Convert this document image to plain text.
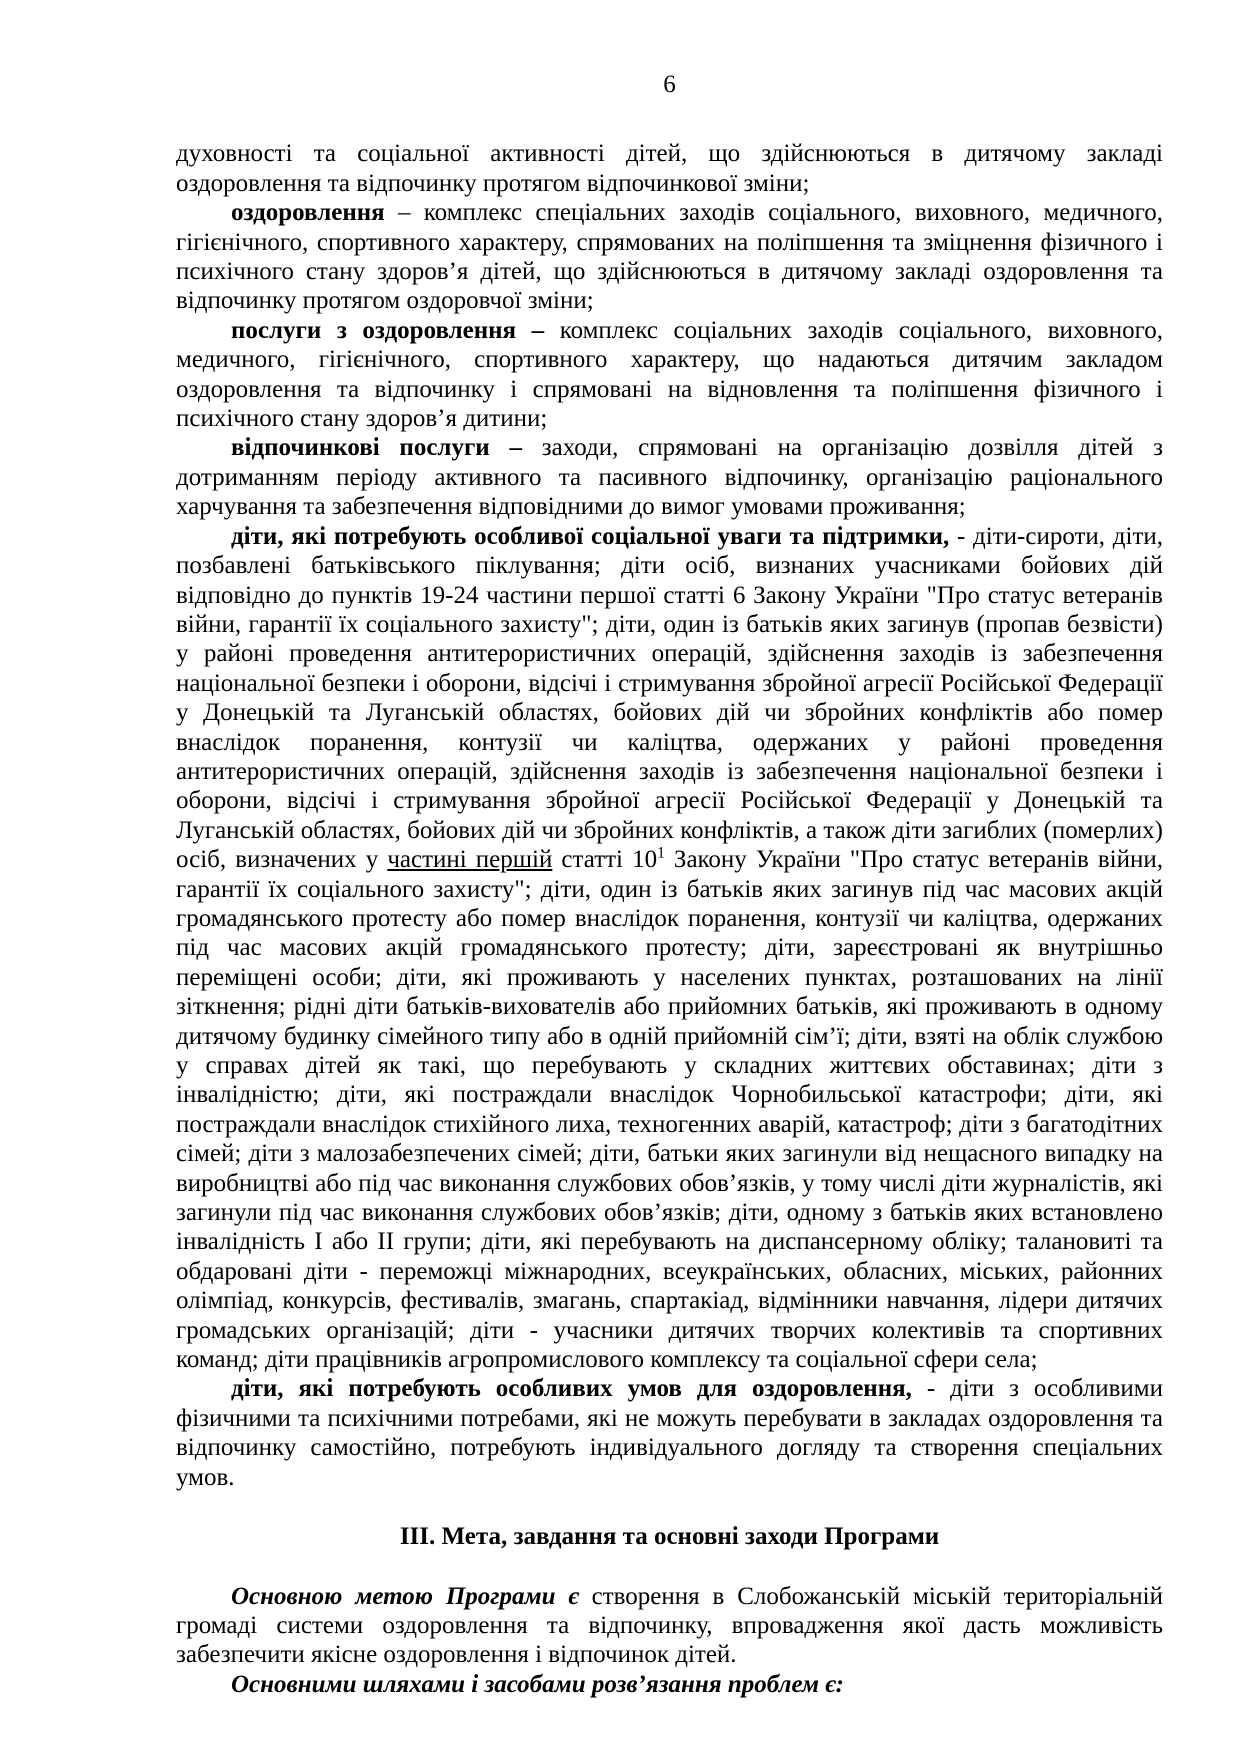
6

духовності та соціальної активності дітей, що здійснюються в дитячому закладі оздоровлення та відпочинку протягом відпочинкової зміни;

оздоровлення – комплекс спеціальних заходів соціального, виховного, медичного, гігієнічного, спортивного характеру, спрямованих на поліпшення та зміцнення фізичного і психічного стану здоров’я дітей, що здійснюються в дитячому закладі оздоровлення та відпочинку протягом оздоровчої зміни;

послуги з оздоровлення – комплекс соціальних заходів соціального, виховного, медичного, гігієнічного, спортивного характеру, що надаються дитячим закладом оздоровлення та відпочинку і спрямовані на відновлення та поліпшення фізичного і психічного стану здоров’я дитини;

відпочинкові послуги – заходи, спрямовані на організацію дозвілля дітей з дотриманням періоду активного та пасивного відпочинку, організацію раціонального харчування та забезпечення відповідними до вимог умовами проживання;

діти, які потребують особливої соціальної уваги та підтримки, - діти-сироти, діти, позбавлені батьківського піклування; діти осіб, визнаних учасниками бойових дій відповідно до пунктів 19-24 частини першої статті 6 Закону України "Про статус ветеранів війни, гарантії їх соціального захисту"; діти, один із батьків яких загинув (пропав безвісти) у районі проведення антитерористичних операцій, здійснення заходів із забезпечення національної безпеки і оборони, відсічі і стримування збройної агресії Російської Федерації у Донецькій та Луганській областях, бойових дій чи збройних конфліктів або помер внаслідок поранення, контузії чи каліцтва, одержаних у районі проведення антитерористичних операцій, здійснення заходів із забезпечення національної безпеки і оборони, відсічі і стримування збройної агресії Російської Федерації у Донецькій та Луганській областях, бойових дій чи збройних конфліктів, а також діти загиблих (померлих) осіб, визначених у частині першій статті $10^1$ Закону України "Про статус ветеранів війни, гарантії їх соціального захисту"; діти, один із батьків яких загинув під час масових акцій громадянського протесту або помер внаслідок поранення, контузії чи каліцтва, одержаних під час масових акцій громадянського протесту; діти, зареєстровані як внутрішньо переміщені особи; діти, які проживають у населених пунктах, розташованих на лінії зіткнення; рідні діти батьків-вихователів або прийомних батьків, які проживають в одному дитячому будинку сімейного типу або в одній прийомній сім’ї; діти, взяті на облік службою у справах дітей як такі, що перебувають у складних життєвих обставинах; діти з інвалідністю; діти, які постраждали внаслідок Чорнобильської катастрофи; діти, які постраждали внаслідок стихійного лиха, техногенних аварій, катастроф; діти з багатодітних сімей; діти з малозабезпечених сімей; діти, батьки яких загинули від нещасного випадку на виробництві або під час виконання службових обов’язків, у тому числі діти журналістів, які загинули під час виконання службових обов’язків; діти, одному з батьків яких встановлено інвалідність I або II групи; діти, які перебувають на диспансерному обліку; талановиті та обдаровані діти - переможці міжнародних, всеукраїнських, обласних, міських, районних олімпіад, конкурсів, фестивалів, змагань, спартакіад, відмінники навчання, лідери дитячих громадських організацій; діти - учасники дитячих творчих колективів та спортивних команд; діти працівників агропромислового комплексу та соціальної сфери села;

діти, які потребують особливих умов для оздоровлення, - діти з особливими фізичними та психічними потребами, які не можуть перебувати в закладах оздоровлення та відпочинку самостійно, потребують індивідуального догляду та створення спеціальних умов.

III. Мета, завдання та основні заходи Програми

Основною метою Програми є створення в Слобожанській міській територіальній громаді системи оздоровлення та відпочинку, впровадження якої дасть можливість забезпечити якісне оздоровлення і відпочинок дітей.

Основними шляхами і засобами розв’язання проблем є:
